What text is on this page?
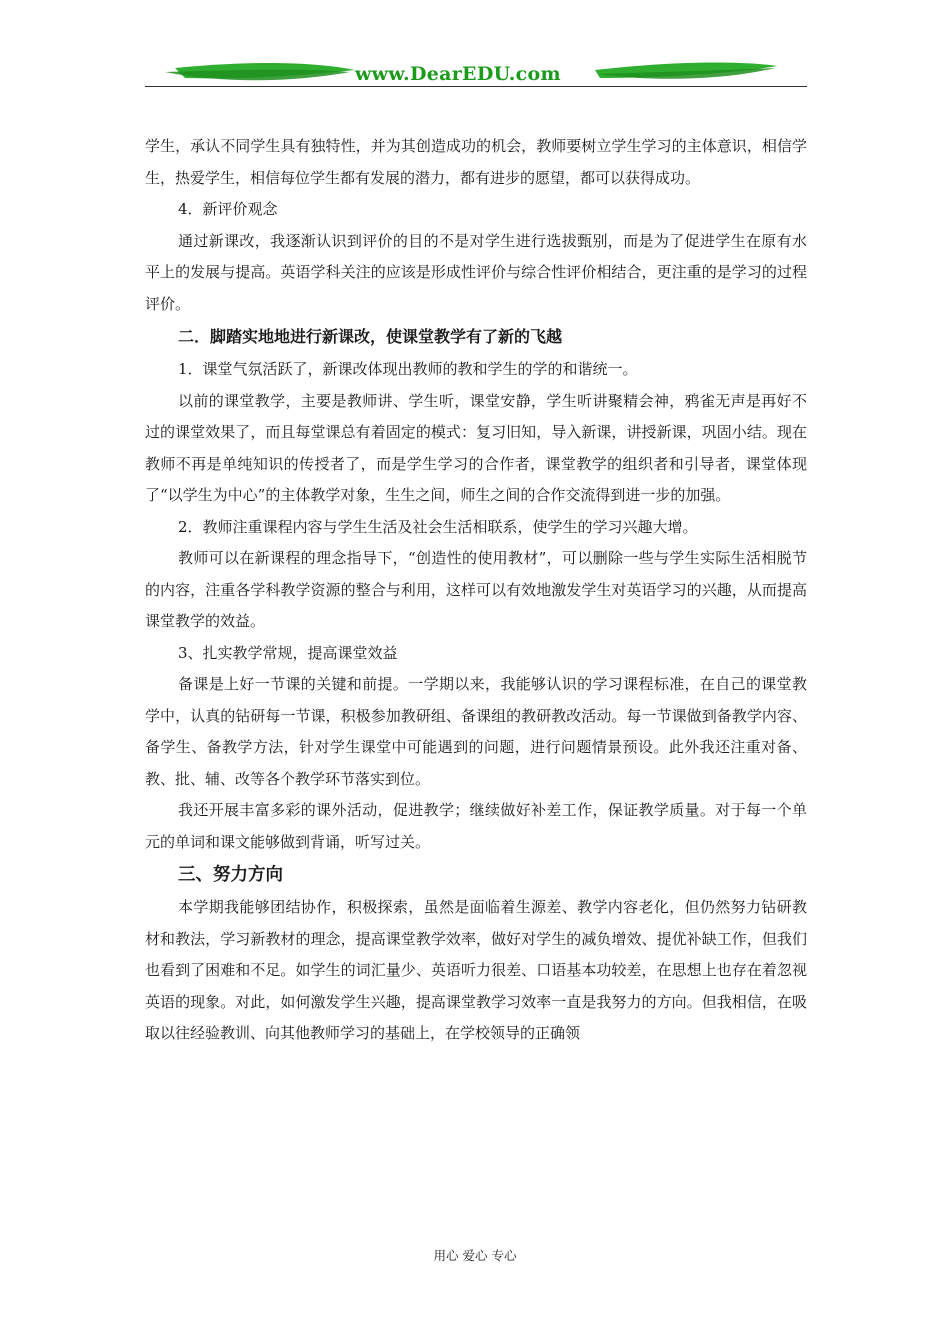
www.DearEDU.com

学生，承认不同学生具有独特性，并为其创造成功的机会，教师要树立学生学习的主体意识，相信学生，热爱学生，相信每位学生都有发展的潜力，都有进步的愿望，都可以获得成功。

4．新评价观念

通过新课改，我逐渐认识到评价的目的不是对学生进行选拔甄别，而是为了促进学生在原有水平上的发展与提高。英语学科关注的应该是形成性评价与综合性评价相结合，更注重的是学习的过程评价。

二．脚踏实地地进行新课改，使课堂教学有了新的飞越

1．课堂气氛活跃了，新课改体现出教师的教和学生的学的和谐统一。

以前的课堂教学，主要是教师讲、学生听，课堂安静，学生听讲聚精会神，鸦雀无声是再好不过的课堂效果了，而且每堂课总有着固定的模式：复习旧知，导入新课，讲授新课，巩固小结。现在教师不再是单纯知识的传授者了，而是学生学习的合作者，课堂教学的组织者和引导者，课堂体现了“以学生为中心”的主体教学对象，生生之间，师生之间的合作交流得到进一步的加强。

2．教师注重课程内容与学生生活及社会生活相联系，使学生的学习兴趣大增。

教师可以在新课程的理念指导下，“创造性的使用教材”，可以删除一些与学生实际生活相脱节的内容，注重各学科教学资源的整合与利用，这样可以有效地激发学生对英语学习的兴趣，从而提高课堂教学的效益。

3、扎实教学常规，提高课堂效益

备课是上好一节课的关键和前提。一学期以来，我能够认识的学习课程标准，在自己的课堂教学中，认真的钻研每一节课，积极参加教研组、备课组的教研教改活动。每一节课做到备教学内容、备学生、备教学方法，针对学生课堂中可能遇到的问题，进行问题情景预设。此外我还注重对备、教、批、辅、改等各个教学环节落实到位。

我还开展丰富多彩的课外活动，促进教学；继续做好补差工作，保证教学质量。对于每一个单元的单词和课文能够做到背诵，听写过关。

三、努力方向

本学期我能够团结协作，积极探索，虽然是面临着生源差、教学内容老化，但仍然努力钻研教材和教法，学习新教材的理念，提高课堂教学效率，做好对学生的减负增效、提优补缺工作，但我们也看到了困难和不足。如学生的词汇量少、英语听力很差、口语基本功较差，在思想上也存在着忽视英语的现象。对此，如何激发学生兴趣，提高课堂教学习效率一直是我努力的方向。但我相信，在吸取以往经验教训、向其他教师学习的基础上，在学校领导的正确领

用心 爱心 专心
